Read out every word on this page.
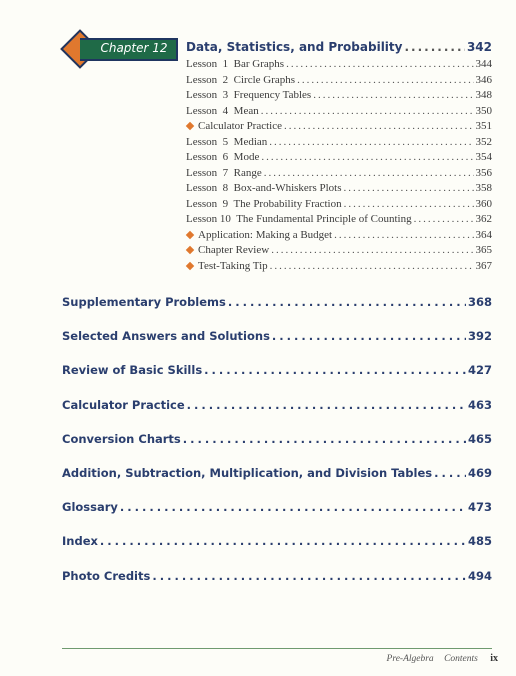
Chapter 12	Data, Statistics, and Probability .....	342
Lesson  1  Bar Graphs .....	344
Lesson  2  Circle Graphs .....	346
Lesson  3  Frequency Tables .....	348
Lesson  4  Mean .....	350
Calculator Practice .....	351
Lesson  5  Median .....	352
Lesson  6  Mode .....	354
Lesson  7  Range .....	356
Lesson  8  Box-and-Whiskers Plots .....	358
Lesson  9  The Probability Fraction .....	360
Lesson 10  The Fundamental Principle of Counting .....	362
Application: Making a Budget .....	364
Chapter Review .....	365
Test-Taking Tip .....	367
Supplementary Problems .....	368
Selected Answers and Solutions .....	392
Review of Basic Skills .....	427
Calculator Practice .....	463
Conversion Charts .....	465
Addition, Subtraction, Multiplication, and Division Tables .....	469
Glossary .....	473
Index .....	485
Photo Credits .....	494
Pre-Algebra Contents ix
